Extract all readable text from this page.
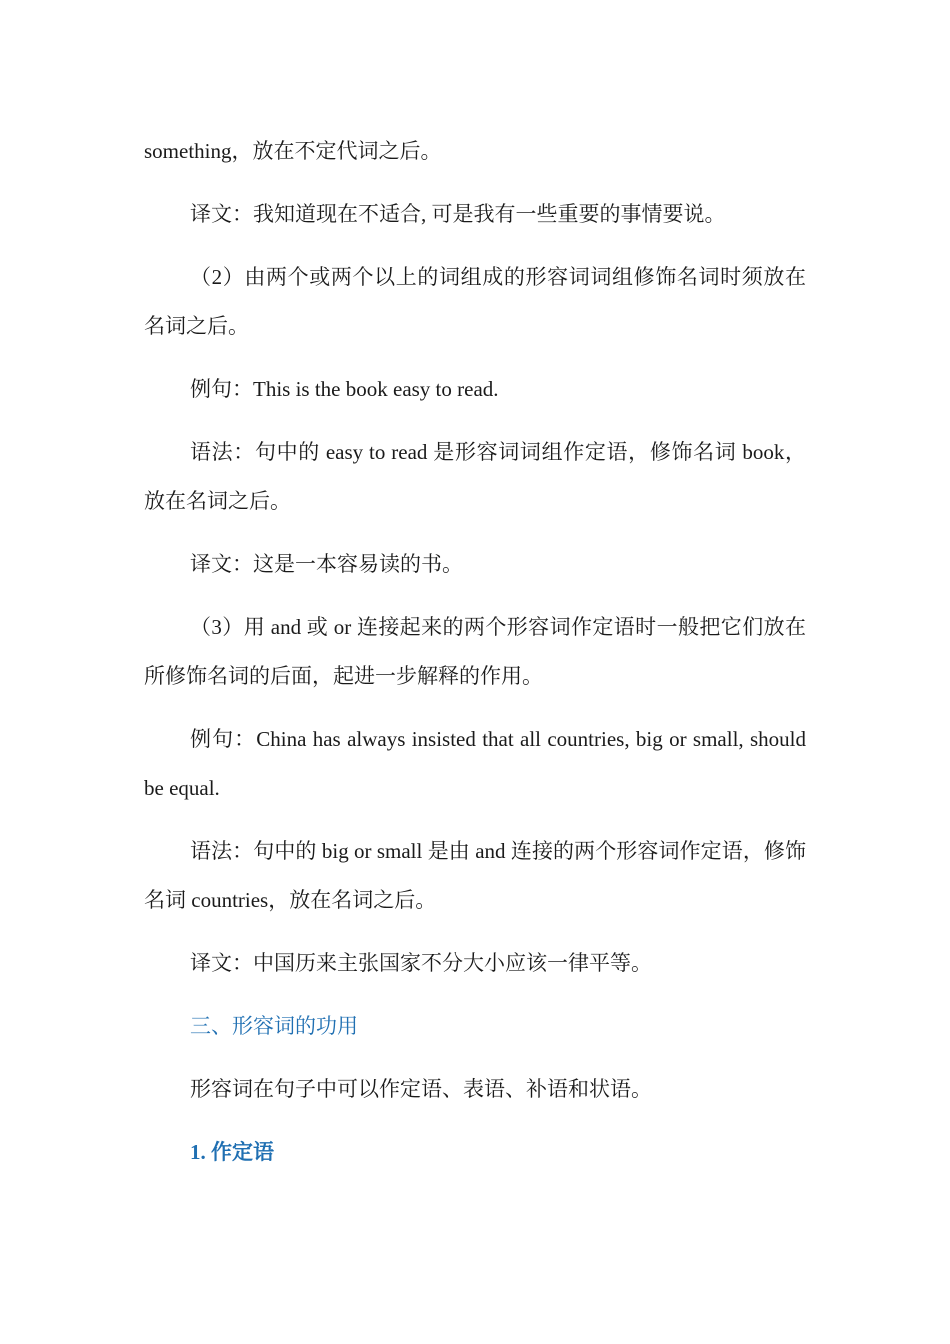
something，放在不定代词之后。

译文：我知道现在不适合, 可是我有一些重要的事情要说。

（2）由两个或两个以上的词组成的形容词词组修饰名词时须放在名词之后。

例句：This is the book easy to read.

语法：句中的 easy to read 是形容词词组作定语，修饰名词 book，放在名词之后。

译文：这是一本容易读的书。

（3）用 and 或 or 连接起来的两个形容词作定语时一般把它们放在所修饰名词的后面，起进一步解释的作用。

例句：China has always insisted that all countries, big or small, should be equal.

语法：句中的 big or small 是由 and 连接的两个形容词作定语，修饰名词 countries，放在名词之后。

译文：中国历来主张国家不分大小应该一律平等。

三、形容词的功用

形容词在句子中可以作定语、表语、补语和状语。

1. 作定语
